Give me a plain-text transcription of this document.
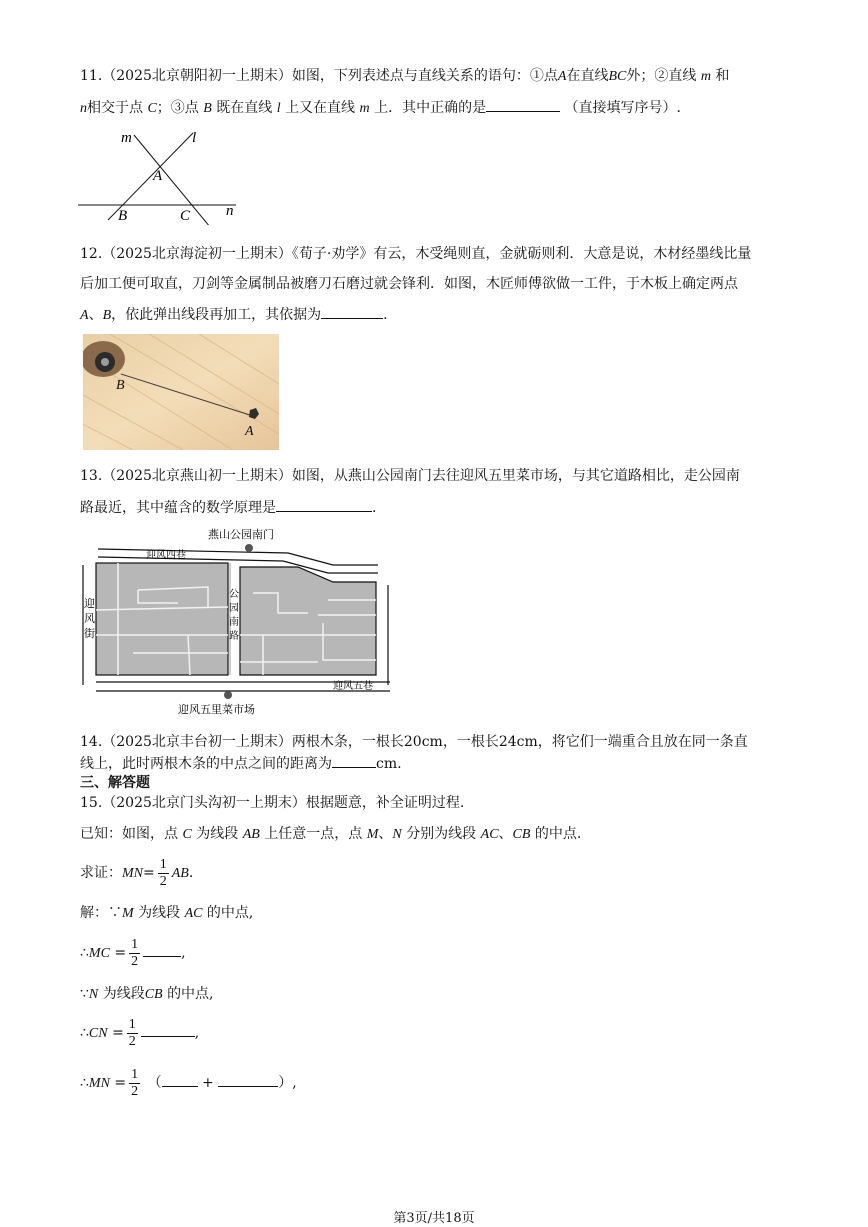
11.（2025北京朝阳初一上期末）如图，下列表述点与直线关系的语句：①点A在直线BC外；②直线 m 和
n相交于点 C；③点 B 既在直线 l 上又在直线 m 上．其中正确的是	（直接填写序号）.
m	l
A
B	C n
12.（2025北京海淀初一上期末）《荀子·劝学》有云，木受绳则直，金就砺则利．大意是说，木材经墨线比量
后加工便可取直，刀剑等金属制品被磨刀石磨过就会锋利．如图，木匠师傅欲做一工件，于木板上确定两点
A、B，依此弹出线段再加工，其依据为	.
B
A
13.（2025北京燕山初一上期末）如图，从燕山公园南门去往迎风五里菜市场，与其它道路相比，走公园南
路最近，其中蕴含的数学原理是	.
燕山公园南门
迎风四巷
迎
风
街
公
园
南
路
迎风五巷
迎风五里菜市场
14.（2025北京丰台初一上期末）两根木条，一根长20cm，一根长24cm，将它们一端重合且放在同一条直
线上，此时两根木条的中点之间的距离为	cm.
三、解答题
15.（2025北京门头沟初一上期末）根据题意，补全证明过程.
已知：如图，点 C 为线段 AB 上任意一点，点 M、N 分别为线段 AC、CB 的中点.
求证：$MN= \frac{1}{2}$ AB.
解：∵M 为线段 AC 的中点,
∴MC = $\frac{1}{2}$	,
∵N 为线段CB 的中点,
∴CN = $\frac{1}{2}$	,
∴MN = $\frac{1}{2}$ （	+	）,
第3页/共18页
